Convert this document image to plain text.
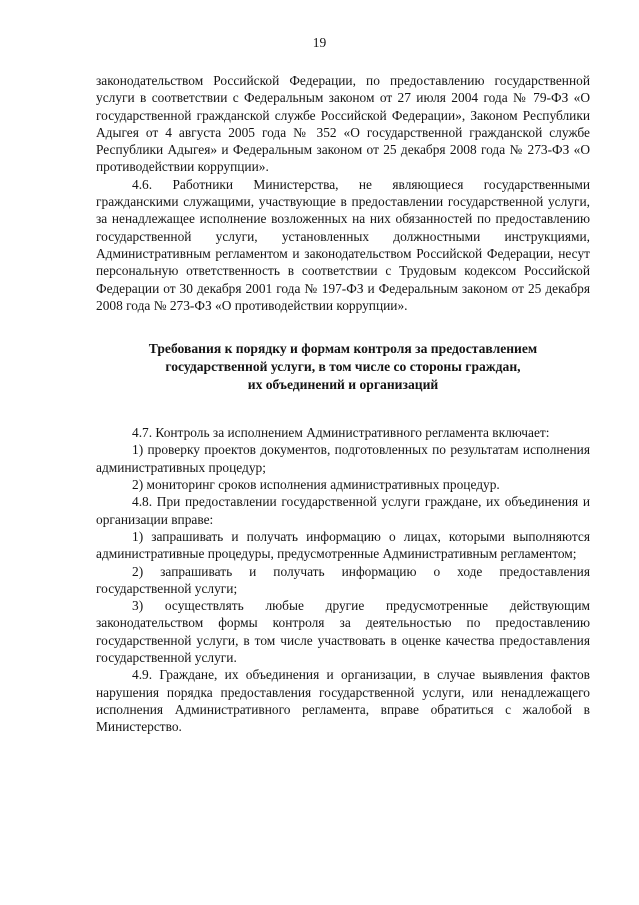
19

законодательством Российской Федерации, по предоставлению государственной услуги в соответствии с Федеральным законом от 27 июля 2004 года № 79-ФЗ «О государственной гражданской службе Российской Федерации», Законом Республики Адыгея от 4 августа 2005 года № 352 «О государственной гражданской службе Республики Адыгея» и Федеральным законом от 25 декабря 2008 года № 273-ФЗ «О противодействии коррупции».

4.6. Работники Министерства, не являющиеся государственными гражданскими служащими, участвующие в предоставлении государственной услуги, за ненадлежащее исполнение возложенных на них обязанностей по предоставлению государственной услуги, установленных должностными инструкциями, Административным регламентом и законодательством Российской Федерации, несут персональную ответственность в соответствии с Трудовым кодексом Российской Федерации от 30 декабря 2001 года № 197-ФЗ и Федеральным законом от 25 декабря 2008 года № 273-ФЗ «О противодействии коррупции».

Требования к порядку и формам контроля за предоставлением
государственной услуги, в том числе со стороны граждан,
их объединений и организаций

4.7. Контроль за исполнением Административного регламента включает:

1) проверку проектов документов, подготовленных по результатам исполнения административных процедур;

2) мониторинг сроков исполнения административных процедур.

4.8. При предоставлении государственной услуги граждане, их объединения и организации вправе:

1) запрашивать и получать информацию о лицах, которыми выполняются административные процедуры, предусмотренные Административным регламентом;

2) запрашивать и получать информацию о ходе предоставления государственной услуги;

3) осуществлять любые другие предусмотренные действующим законодательством формы контроля за деятельностью по предоставлению государственной услуги, в том числе участвовать в оценке качества предоставления государственной услуги.

4.9. Граждане, их объединения и организации, в случае выявления фактов нарушения порядка предоставления государственной услуги, или ненадлежащего исполнения Административного регламента, вправе обратиться с жалобой в Министерство.
